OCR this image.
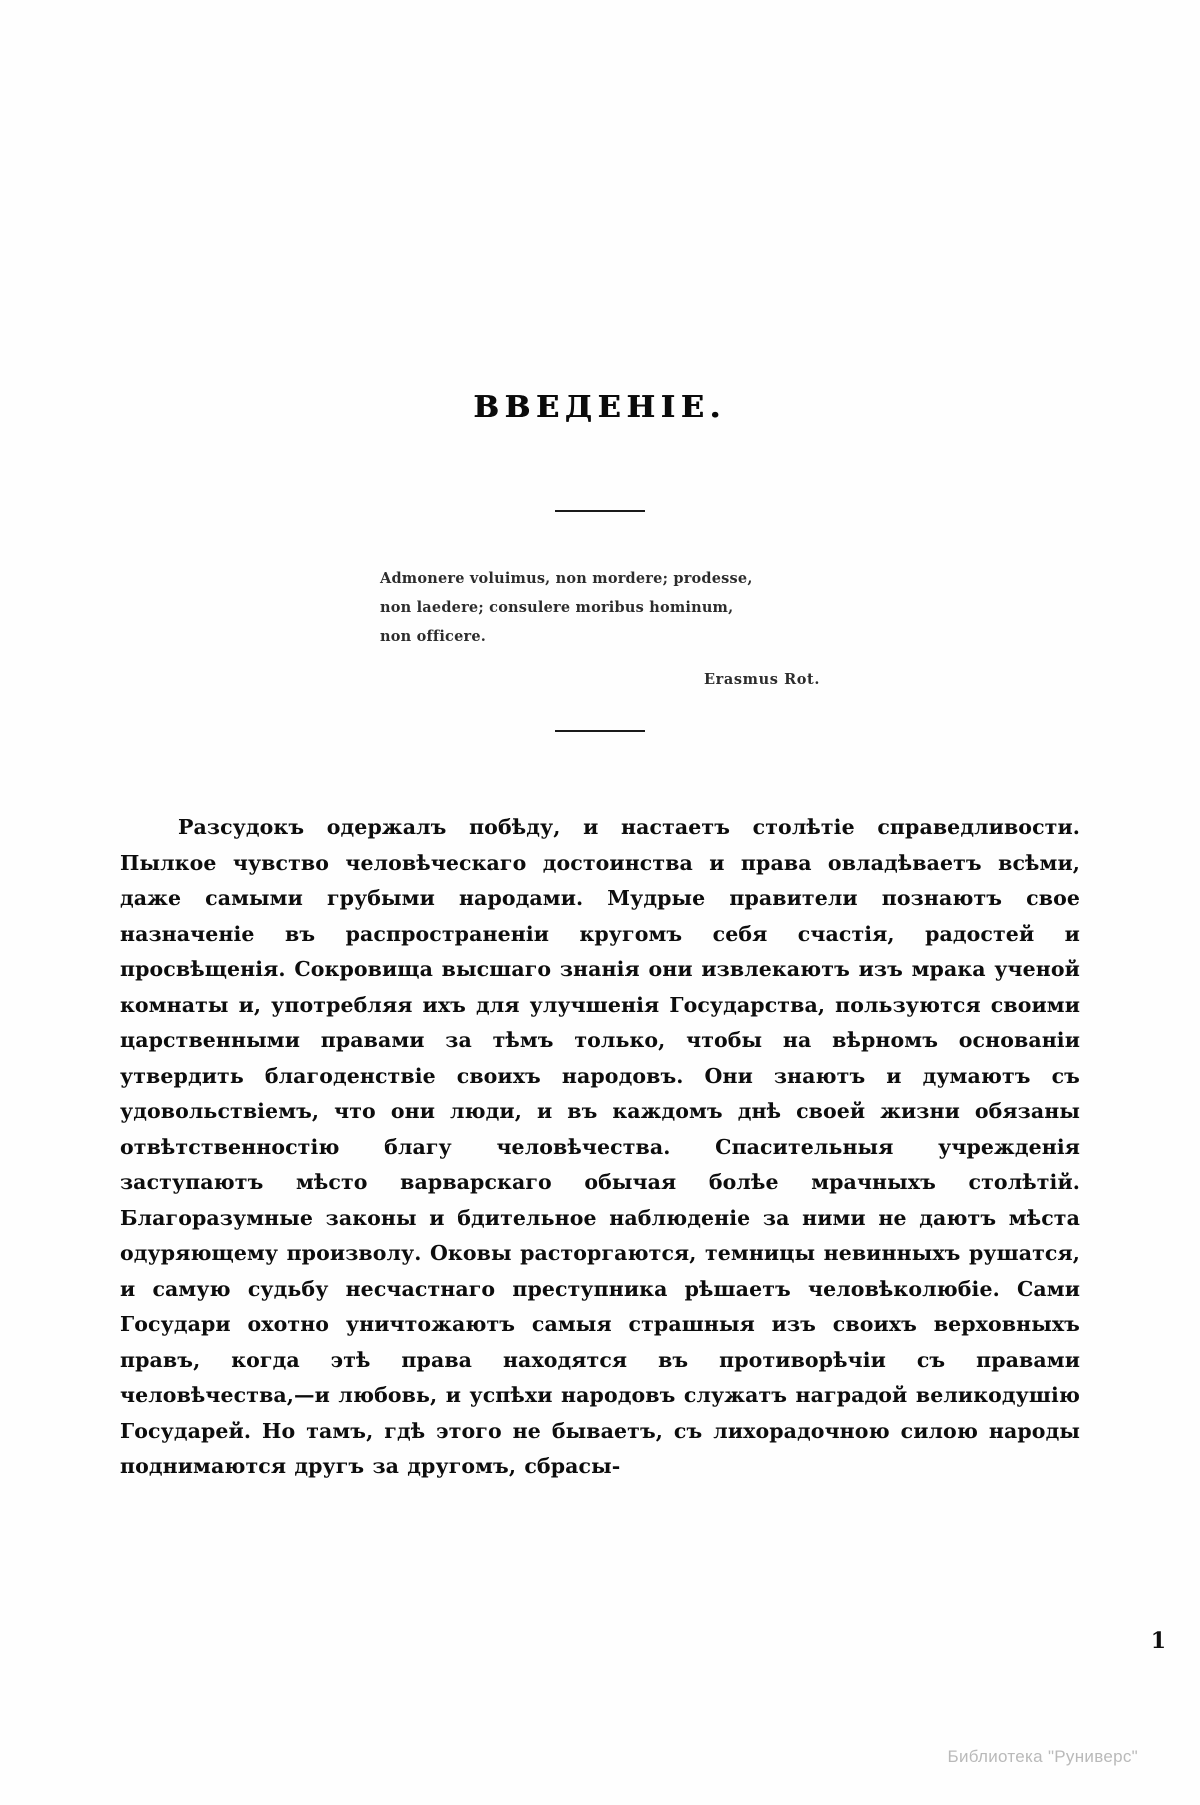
ВВЕДЕНІЕ.
Admonere voluimus, non mordere; prodesse,
non laedere; consulere moribus hominum,
non officere.
Erasmus Rot.

Разсудокъ одержалъ побѣду, и настаетъ столѣтіе справедливости. Пылкое чувство человѣческаго достоинства и права овладѣваетъ всѣми, даже самыми грубыми народами. Мудрые правители познаютъ свое назначеніе въ распространеніи кругомъ себя счастія, радостей и просвѣщенія. Сокровища высшаго знанія они извлекаютъ изъ мрака ученой комнаты и, употребляя ихъ для улучшенія Государства, пользуются своими царственными правами за тѣмъ только, чтобы на вѣрномъ основаніи утвердить благоденствіе своихъ народовъ. Они знаютъ и думаютъ съ удовольствіемъ, что они люди, и въ каждомъ днѣ своей жизни обязаны отвѣтственностію благу человѣчества. Спасительныя учрежденія заступаютъ мѣсто варварскаго обычая болѣе мрачныхъ столѣтій. Благоразумные законы и бдительное наблюденіе за ними не даютъ мѣста одуряющему произволу. Оковы расторгаются, темницы невинныхъ рушатся, и самую судьбу несчастнаго преступника рѣшаетъ человѣколюбіе. Сами Государи охотно уничтожаютъ самыя страшныя изъ своихъ верховныхъ правъ, когда этѣ права находятся въ противорѣчіи съ правами человѣчества,—и любовь, и успѣхи народовъ служатъ наградой великодушію Государей. Но тамъ, гдѣ этого не бываетъ, съ лихорадочною силою народы поднимаются другъ за другомъ, сбрасы-

1
Библиотека "Руниверс"
